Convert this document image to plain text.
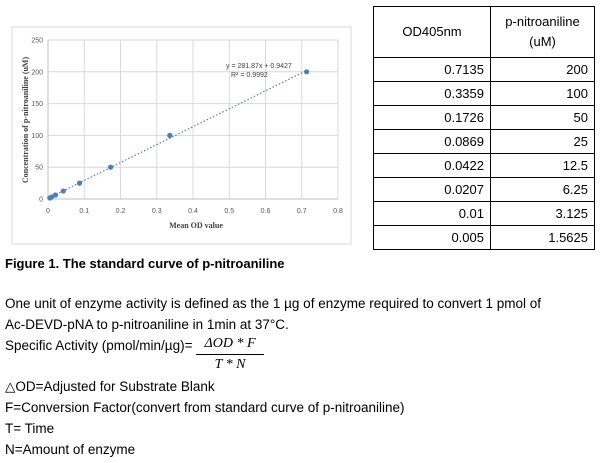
0
50
100
150
200
250
0	0.1	0.2	0.3	0.4	0.5	0.6	0.7	0.8
y = 281.87x + 0.9427
R² = 0.9992
Concentration of p-nitroaniline (uM)
Mean OD value
OD405nm	p-nitroaniline
(uM)
0.7135	200
0.3359	100
0.1726	50
0.0869	25
0.0422	12.5
0.0207	6.25
0.01	3.125
0.005	1.5625
Figure 1. The standard curve of p-nitroaniline
One unit of enzyme activity is defined as the 1 µg of enzyme required to convert 1 pmol of
Ac-DEVD-pNA to p-nitroaniline in 1min at 37°C.
Specific Activity (pmol/min/µg)= ΔOD * F
T * N
△OD=Adjusted for Substrate Blank
F=Conversion Factor(convert from standard curve of p-nitroaniline)
T= Time
N=Amount of enzyme
